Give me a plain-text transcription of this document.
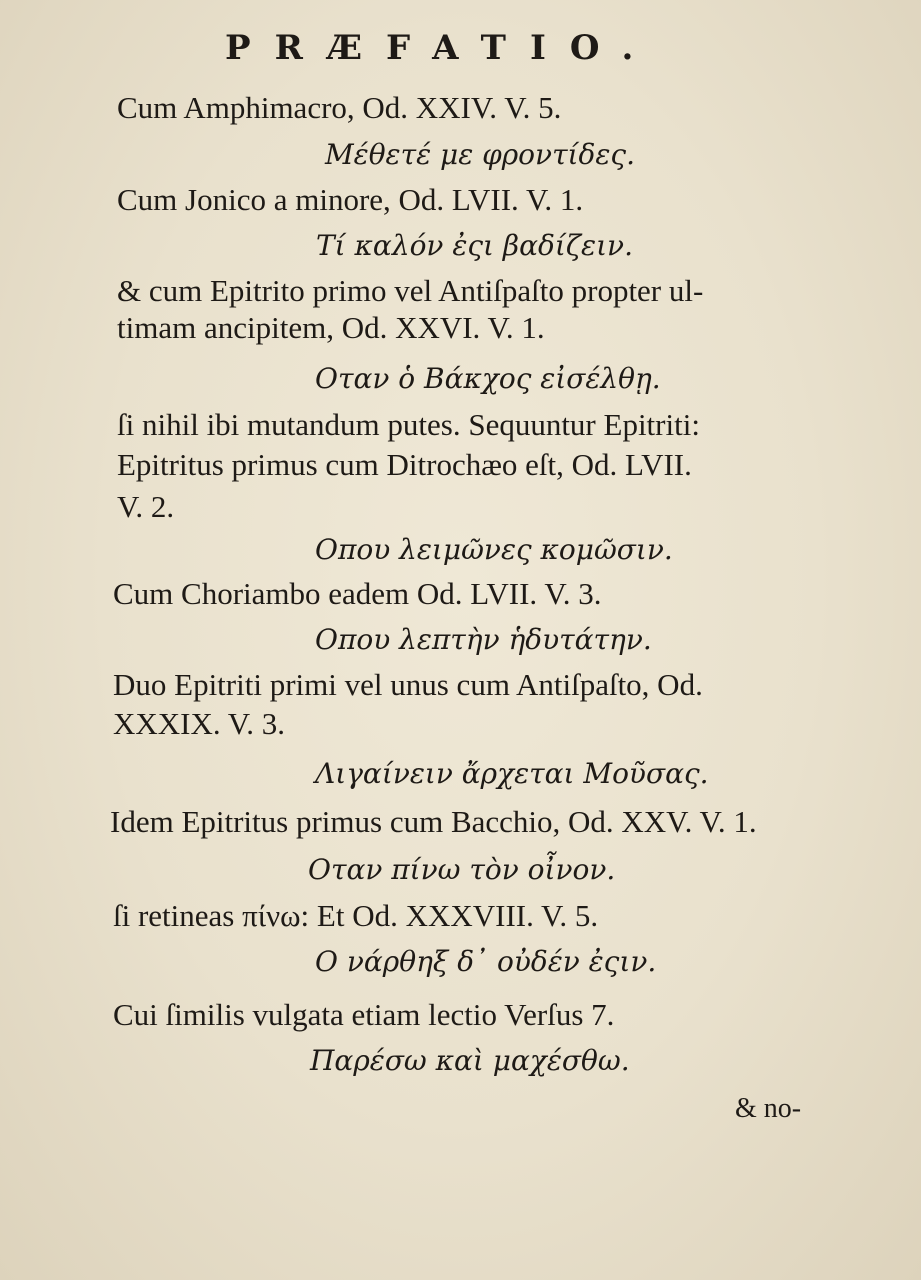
PRÆFATIO.
Cum Amphimacro, Od. XXIV. V. 5.
Μέθετέ με φροντίδες.
Cum Jonico a minore, Od. LVII. V. 1.
Τί καλόν ἐςι βαδίζειν.
& cum Epitrito primo vel Antiſpaſto propter ul-
timam ancipitem, Od. XXVI. V. 1.
Οταν ὁ Βάκχος εἰσέλθῃ.
ſi nihil ibi mutandum putes. Sequuntur Epitriti:
Epitritus primus cum Ditrochæo eſt, Od. LVII.
V. 2.
Οπου λειμῶνες κομῶσιν.
Cum Choriambo eadem Od. LVII. V. 3.
Οπου λεπτὴν ἡδυτάτην.
Duo Epitriti primi vel unus cum Antiſpaſto, Od.
XXXIX. V. 3.
Λιγαίνειν ἄρχεται Μοῦσας.
Idem Epitritus primus cum Bacchio, Od. XXV. V. 1.
Οταν πίνω τὸν οἶνον.
ſi retineas πίνω: Et Od. XXXVIII. V. 5.
Ο νάρθηξ δ᾽ οὐδέν ἐςιν.
Cui ſimilis vulgata etiam lectio Verſus 7.
Παρέσω καὶ μαχέσθω.
& no-
